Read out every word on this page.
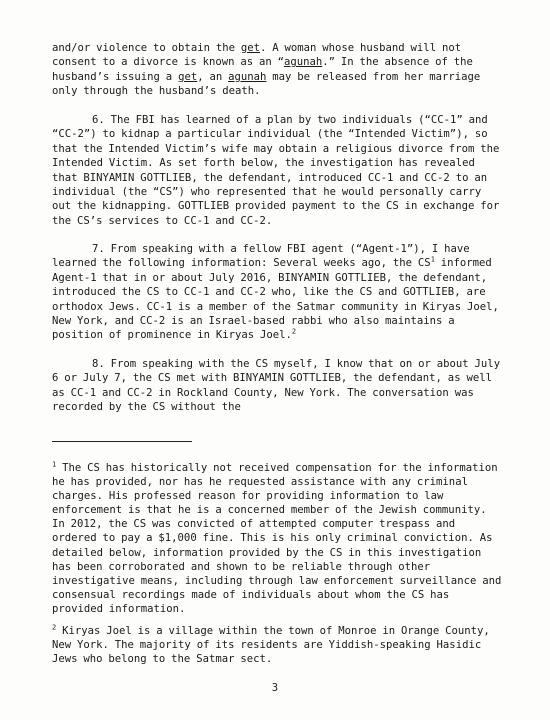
and/or violence to obtain the get. A woman whose husband will not consent to a divorce is known as an “agunah.” In the absence of the husband’s issuing a get, an agunah may be released from her marriage only through the husband’s death.

6. The FBI has learned of a plan by two individuals (“CC-1” and “CC-2”) to kidnap a particular individual (the “Intended Victim”), so that the Intended Victim’s wife may obtain a religious divorce from the Intended Victim. As set forth below, the investigation has revealed that BINYAMIN GOTTLIEB, the defendant, introduced CC-1 and CC-2 to an individual (the “CS”) who represented that he would personally carry out the kidnapping. GOTTLIEB provided payment to the CS in exchange for the CS’s services to CC-1 and CC-2.

7. From speaking with a fellow FBI agent (“Agent-1”), I have learned the following information: Several weeks ago, the $CS^1$ informed Agent-1 that in or about July 2016, BINYAMIN GOTTLIEB, the defendant, introduced the CS to CC-1 and CC-2 who, like the CS and GOTTLIEB, are orthodox Jews. CC-1 is a member of the Satmar community in Kiryas Joel, New York, and CC-2 is an Israel-based rabbi who also maintains a position of prominence in Kiryas Joel.$^2$

8. From speaking with the CS myself, I know that on or about July 6 or July 7, the CS met with BINYAMIN GOTTLIEB, the defendant, as well as CC-1 and CC-2 in Rockland County, New York. The conversation was recorded by the CS without the

$^1$ The CS has historically not received compensation for the information he has provided, nor has he requested assistance with any criminal charges. His professed reason for providing information to law enforcement is that he is a concerned member of the Jewish community. In 2012, the CS was convicted of attempted computer trespass and ordered to pay a $1,000 fine. This is his only criminal conviction. As detailed below, information provided by the CS in this investigation has been corroborated and shown to be reliable through other investigative means, including through law enforcement surveillance and consensual recordings made of individuals about whom the CS has provided information.

$^2$ Kiryas Joel is a village within the town of Monroe in Orange County, New York. The majority of its residents are Yiddish-speaking Hasidic Jews who belong to the Satmar sect.

3
